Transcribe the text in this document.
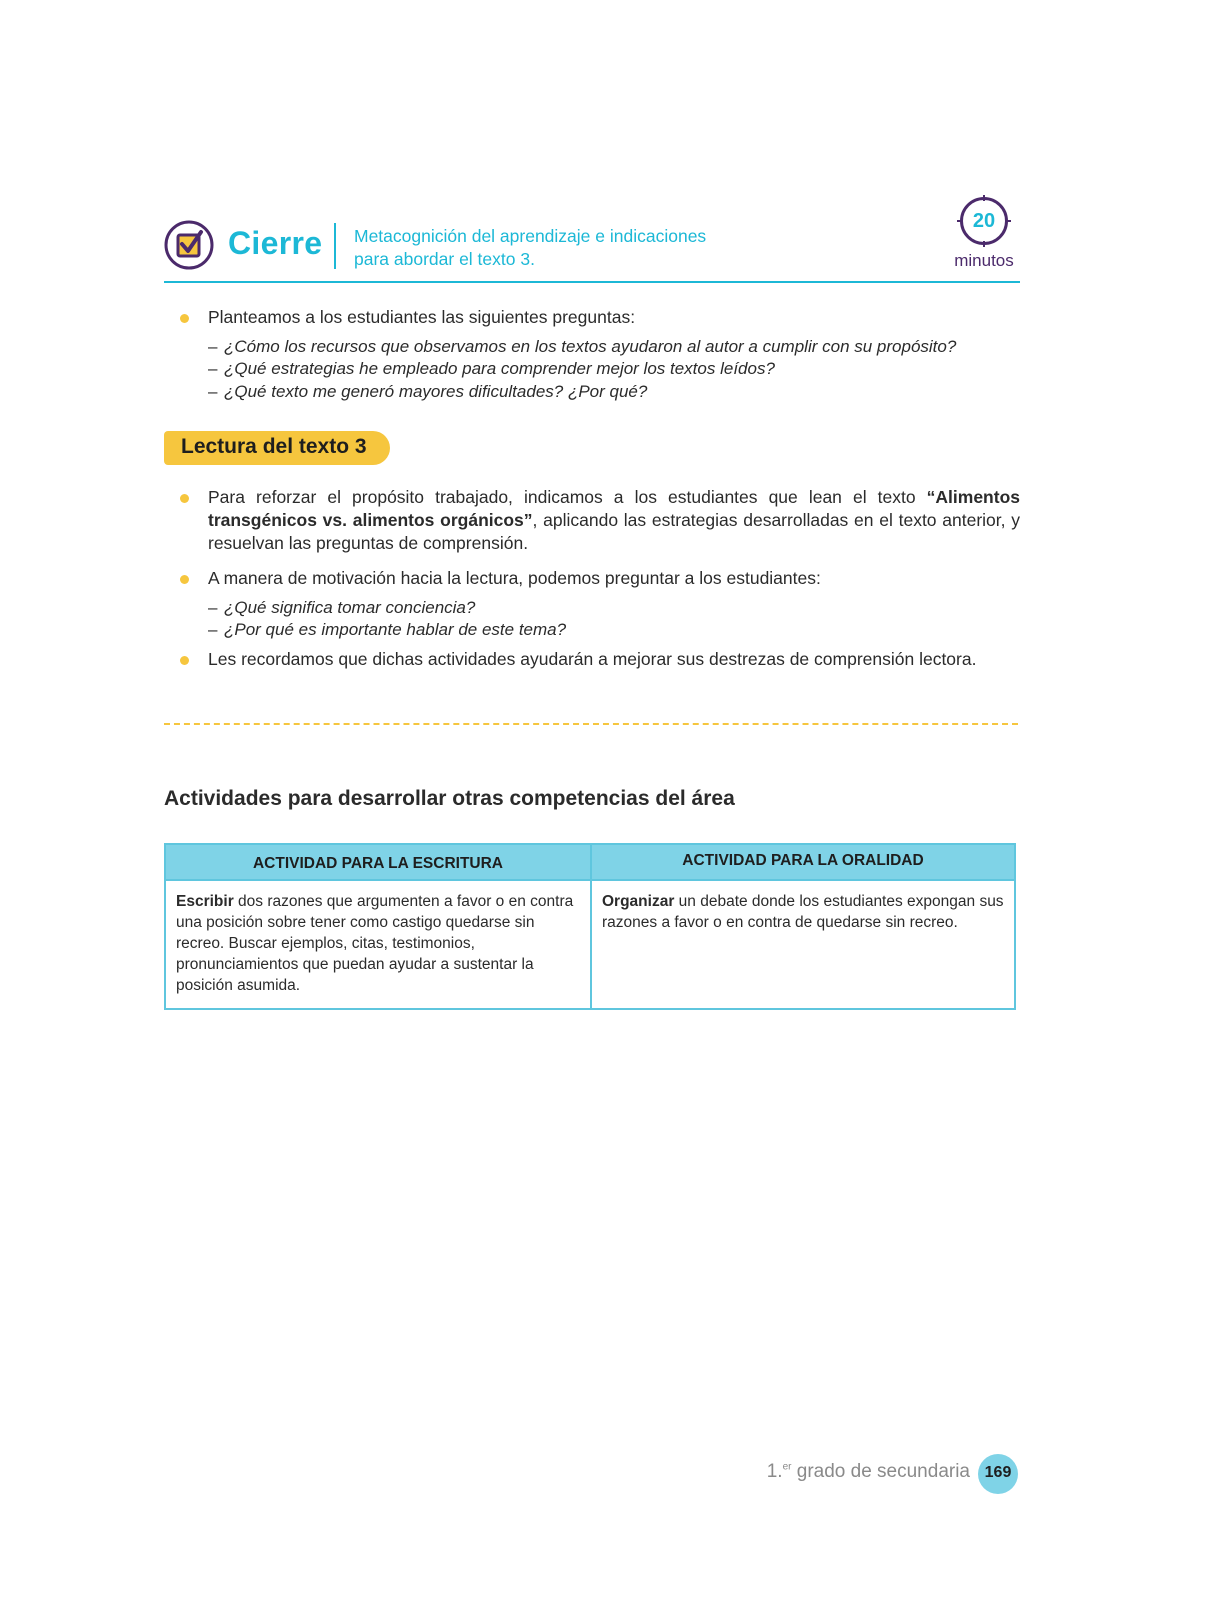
Cierre Metacognición del aprendizaje e indicaciones
para abordar el texto 3.
20
minutos
Planteamos a los estudiantes las siguientes preguntas:
– ¿Cómo los recursos que observamos en los textos ayudaron al autor a cumplir con su propósito?
– ¿Qué estrategias he empleado para comprender mejor los textos leídos?
– ¿Qué texto me generó mayores dificultades? ¿Por qué?
Lectura del texto 3
Para reforzar el propósito trabajado, indicamos a los estudiantes que lean el texto “Alimentos transgénicos vs. alimentos orgánicos”, aplicando las estrategias desarrolladas en el texto anterior, y resuelvan las preguntas de comprensión.
A manera de motivación hacia la lectura, podemos preguntar a los estudiantes:
– ¿Qué significa tomar conciencia?
– ¿Por qué es importante hablar de este tema?
Les recordamos que dichas actividades ayudarán a mejorar sus destrezas de comprensión lectora.
Actividades para desarrollar otras competencias del área
ACTIVIDAD PARA LA ESCRITURA	ACTIVIDAD PARA LA ORALIDAD
Escribir dos razones que argumenten a favor o en contra una posición sobre tener como castigo quedarse sin recreo. Buscar ejemplos, citas, testimonios, pronunciamientos que puedan ayudar a sustentar la posición asumida.
Organizar un debate donde los estudiantes expongan sus razones a favor o en contra de quedarse sin recreo.
1.$^{er}$ grado de secundaria 169
